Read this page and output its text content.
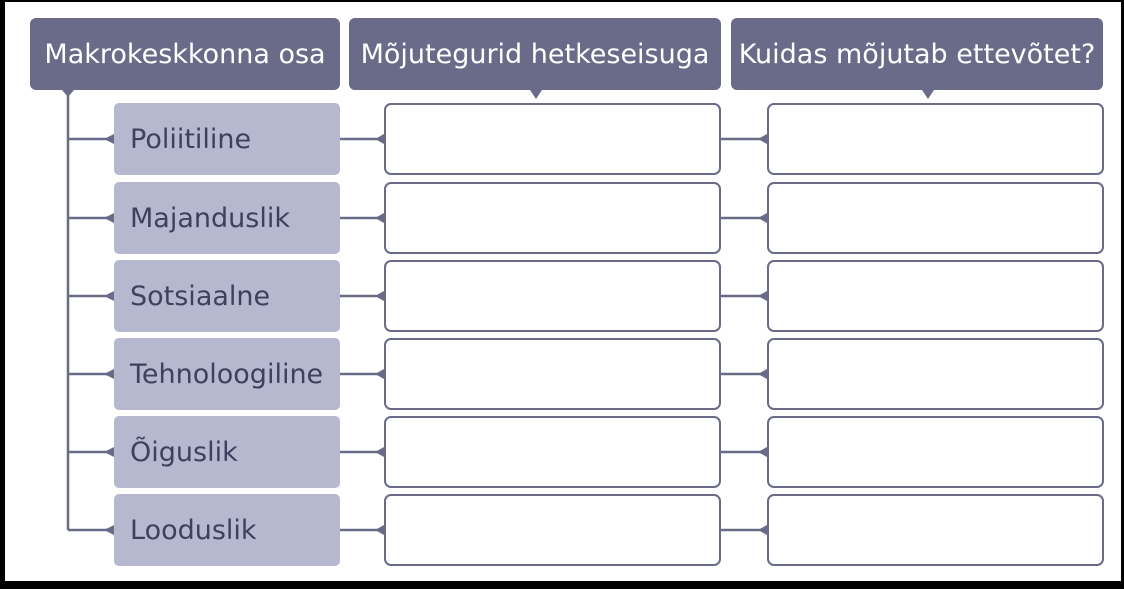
Makrokeskkonna osa	Mõjutegurid hetkeseisuga	Kuidas mõjutab ettevõtet?
Poliitiline
Majanduslik
Sotsiaalne
Tehnoloogiline
Õiguslik
Looduslik
